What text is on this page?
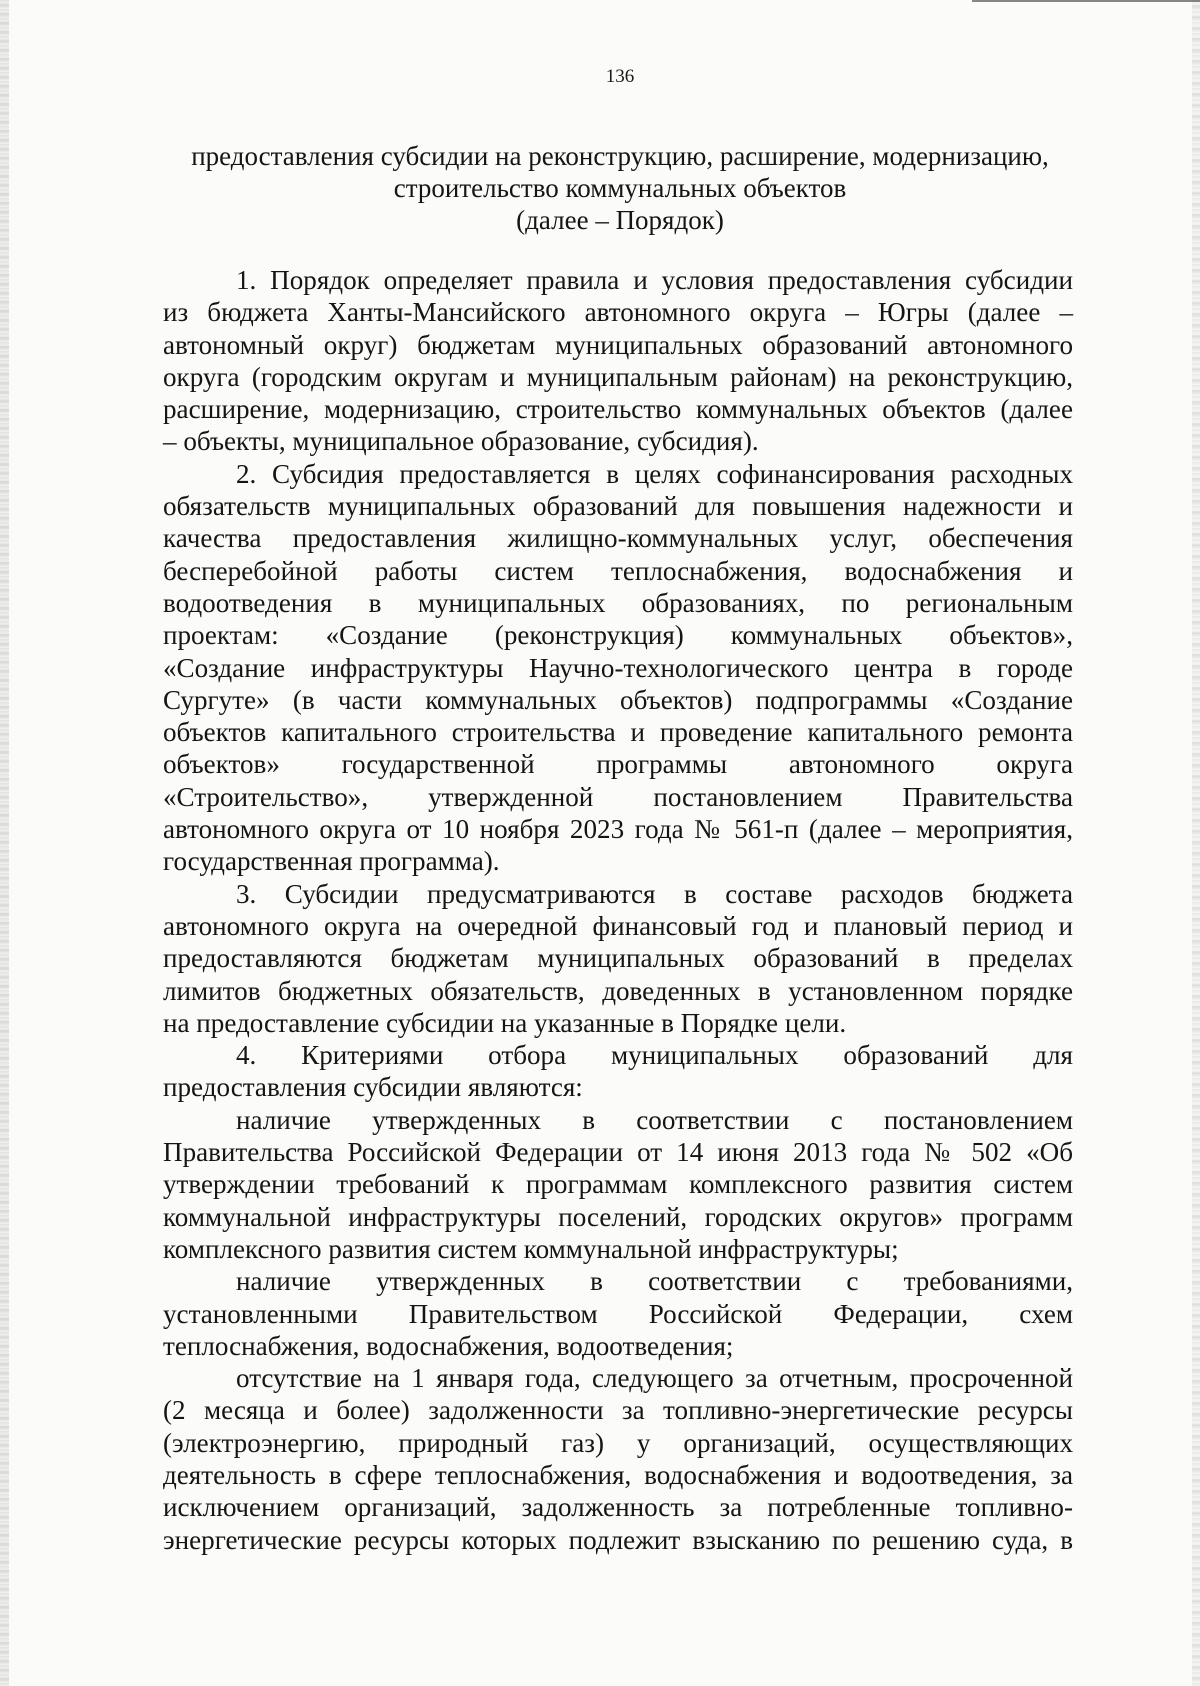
136
предоставления субсидии на реконструкцию, расширение, модернизацию,
строительство коммунальных объектов
(далее – Порядок)
1. Порядок определяет правила и условия предоставления субсидии
из бюджета Ханты-Мансийского автономного округа – Югры (далее –
автономный округ) бюджетам муниципальных образований автономного
округа (городским округам и муниципальным районам) на реконструкцию,
расширение, модернизацию, строительство коммунальных объектов (далее
– объекты, муниципальное образование, субсидия).
2. Субсидия предоставляется в целях софинансирования расходных
обязательств муниципальных образований для повышения надежности и
качества предоставления жилищно-коммунальных услуг, обеспечения
бесперебойной работы систем теплоснабжения, водоснабжения и
водоотведения в муниципальных образованиях, по региональным
проектам: «Создание (реконструкция) коммунальных объектов»,
«Создание инфраструктуры Научно-технологического центра в городе
Сургуте» (в части коммунальных объектов) подпрограммы «Создание
объектов капитального строительства и проведение капитального ремонта
объектов» государственной программы автономного округа
«Строительство», утвержденной постановлением Правительства
автономного округа от 10 ноября 2023 года № 561-п (далее – мероприятия,
государственная программа).
3. Субсидии предусматриваются в составе расходов бюджета
автономного округа на очередной финансовый год и плановый период и
предоставляются бюджетам муниципальных образований в пределах
лимитов бюджетных обязательств, доведенных в установленном порядке
на предоставление субсидии на указанные в Порядке цели.
4. Критериями отбора муниципальных образований для
предоставления субсидии являются:
наличие утвержденных в соответствии с постановлением
Правительства Российской Федерации от 14 июня 2013 года № 502 «Об
утверждении требований к программам комплексного развития систем
коммунальной инфраструктуры поселений, городских округов» программ
комплексного развития систем коммунальной инфраструктуры;
наличие утвержденных в соответствии с требованиями,
установленными Правительством Российской Федерации, схем
теплоснабжения, водоснабжения, водоотведения;
отсутствие на 1 января года, следующего за отчетным, просроченной
(2 месяца и более) задолженности за топливно-энергетические ресурсы
(электроэнергию, природный газ) у организаций, осуществляющих
деятельность в сфере теплоснабжения, водоснабжения и водоотведения, за
исключением организаций, задолженность за потребленные топливно-
энергетические ресурсы которых подлежит взысканию по решению суда, в
